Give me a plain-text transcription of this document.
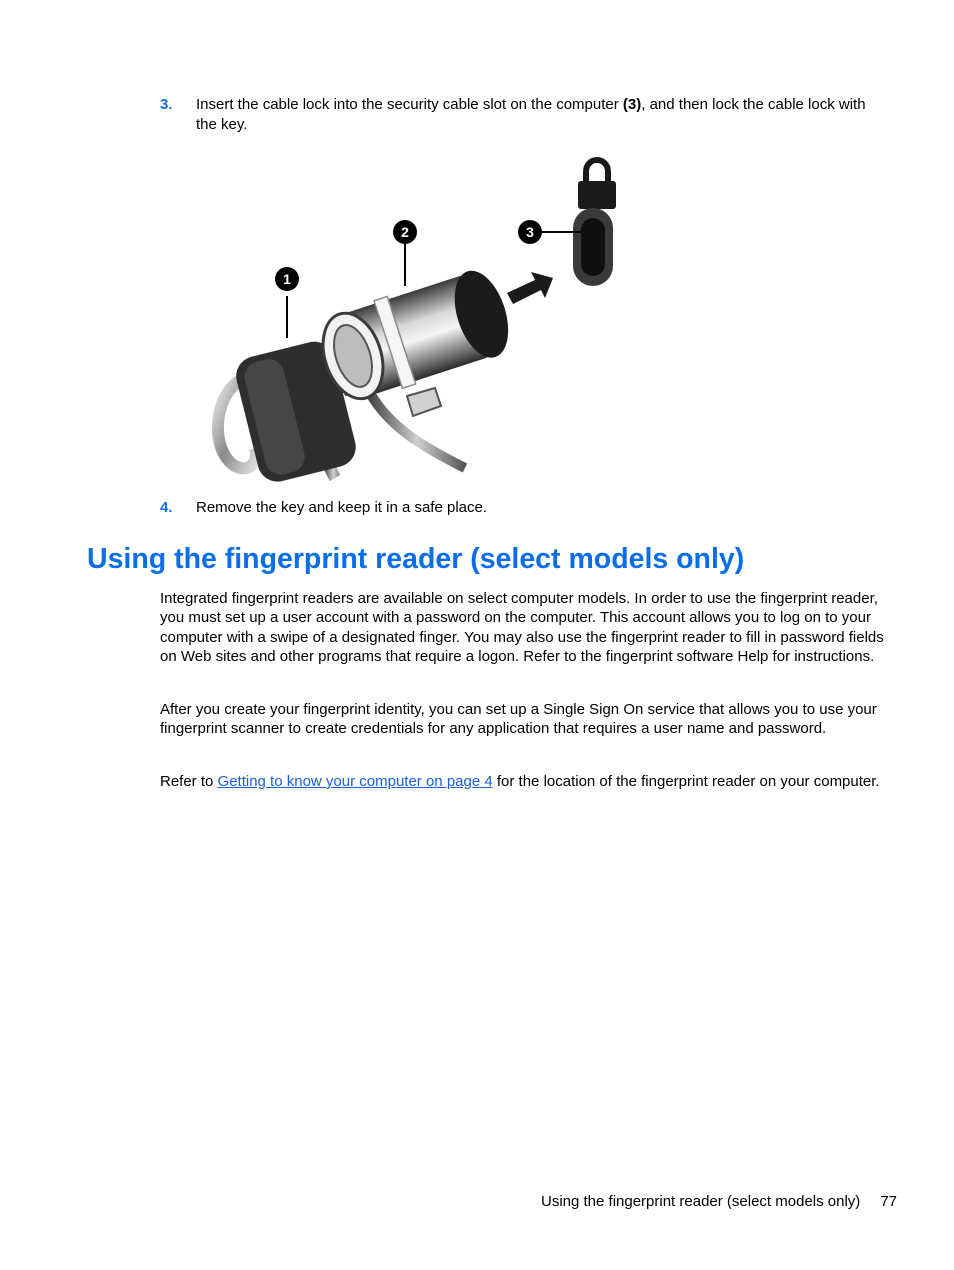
3. Insert the cable lock into the security cable slot on the computer (3), and then lock the cable lock with the key.
1
2	3
4. Remove the key and keep it in a safe place.
Using the fingerprint reader (select models only)

Integrated fingerprint readers are available on select computer models. In order to use the fingerprint reader, you must set up a user account with a password on the computer. This account allows you to log on to your computer with a swipe of a designated finger. You may also use the fingerprint reader to fill in password fields on Web sites and other programs that require a logon. Refer to the fingerprint software Help for instructions.

After you create your fingerprint identity, you can set up a Single Sign On service that allows you to use your fingerprint scanner to create credentials for any application that requires a user name and password.

Refer to Getting to know your computer on page 4 for the location of the fingerprint reader on your computer.

Using the fingerprint reader (select models only) 77
